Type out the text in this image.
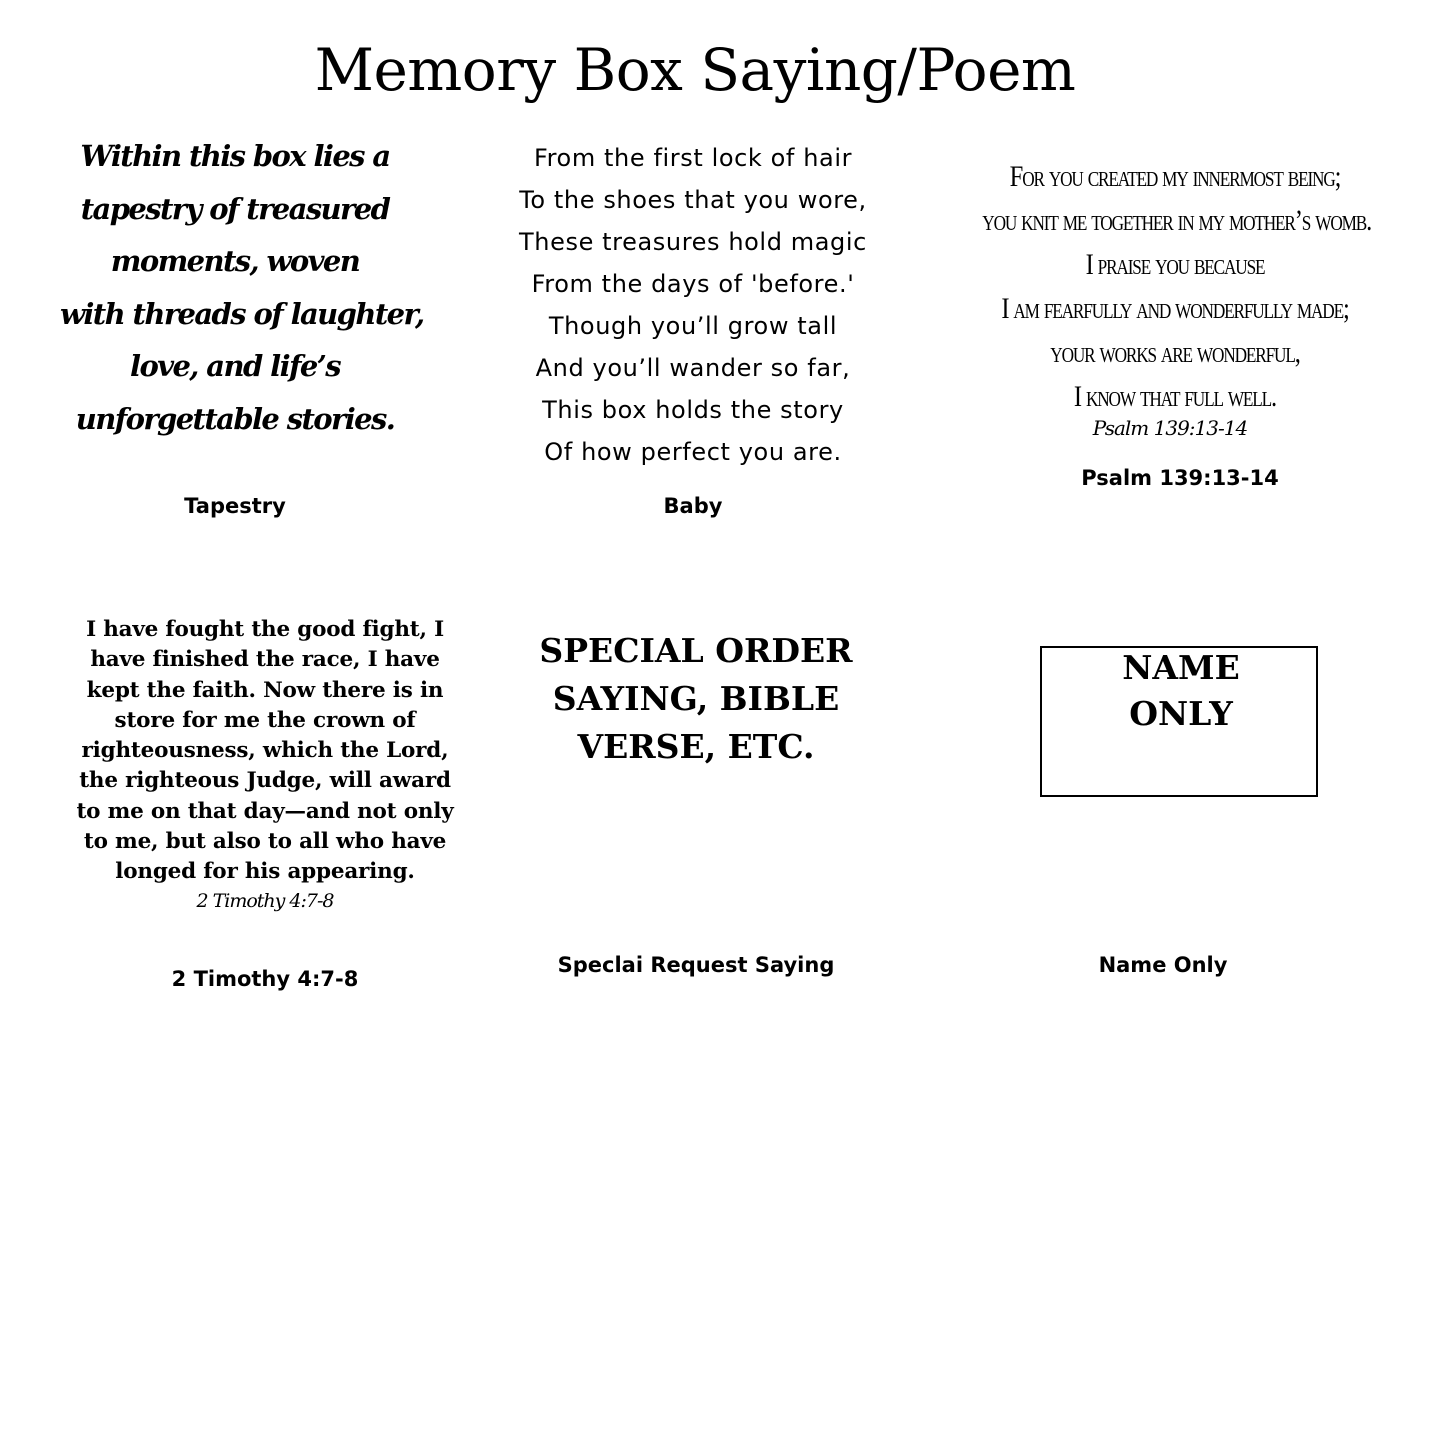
Memory Box Saying/Poem
Within this box lies a
tapestry of treasured
moments, woven
with threads of laughter,
love, and life’s
unforgettable stories.
Tapestry
From the first lock of hair
To the shoes that you wore,
These treasures hold magic
From the days of 'before.'
Though you’ll grow tall
And you’ll wander so far,
This box holds the story
Of how perfect you are.
Baby
For you created my innermost being;
you knit me together in my mother’s womb.
I praise you because
I am fearfully and wonderfully made;
your works are wonderful,
I know that full well.
Psalm 139:13-14
Psalm 139:13-14
I have fought the good fight, I
have finished the race, I have
kept the faith. Now there is in
store for me the crown of
righteousness, which the Lord,
the righteous Judge, will award
to me on that day—and not only
to me, but also to all who have
longed for his appearing.
2 Timothy 4:7-8
2 Timothy 4:7-8
SPECIAL ORDER
SAYING, BIBLE
VERSE, ETC.
Speclai Request Saying
NAME
ONLY
Name Only
